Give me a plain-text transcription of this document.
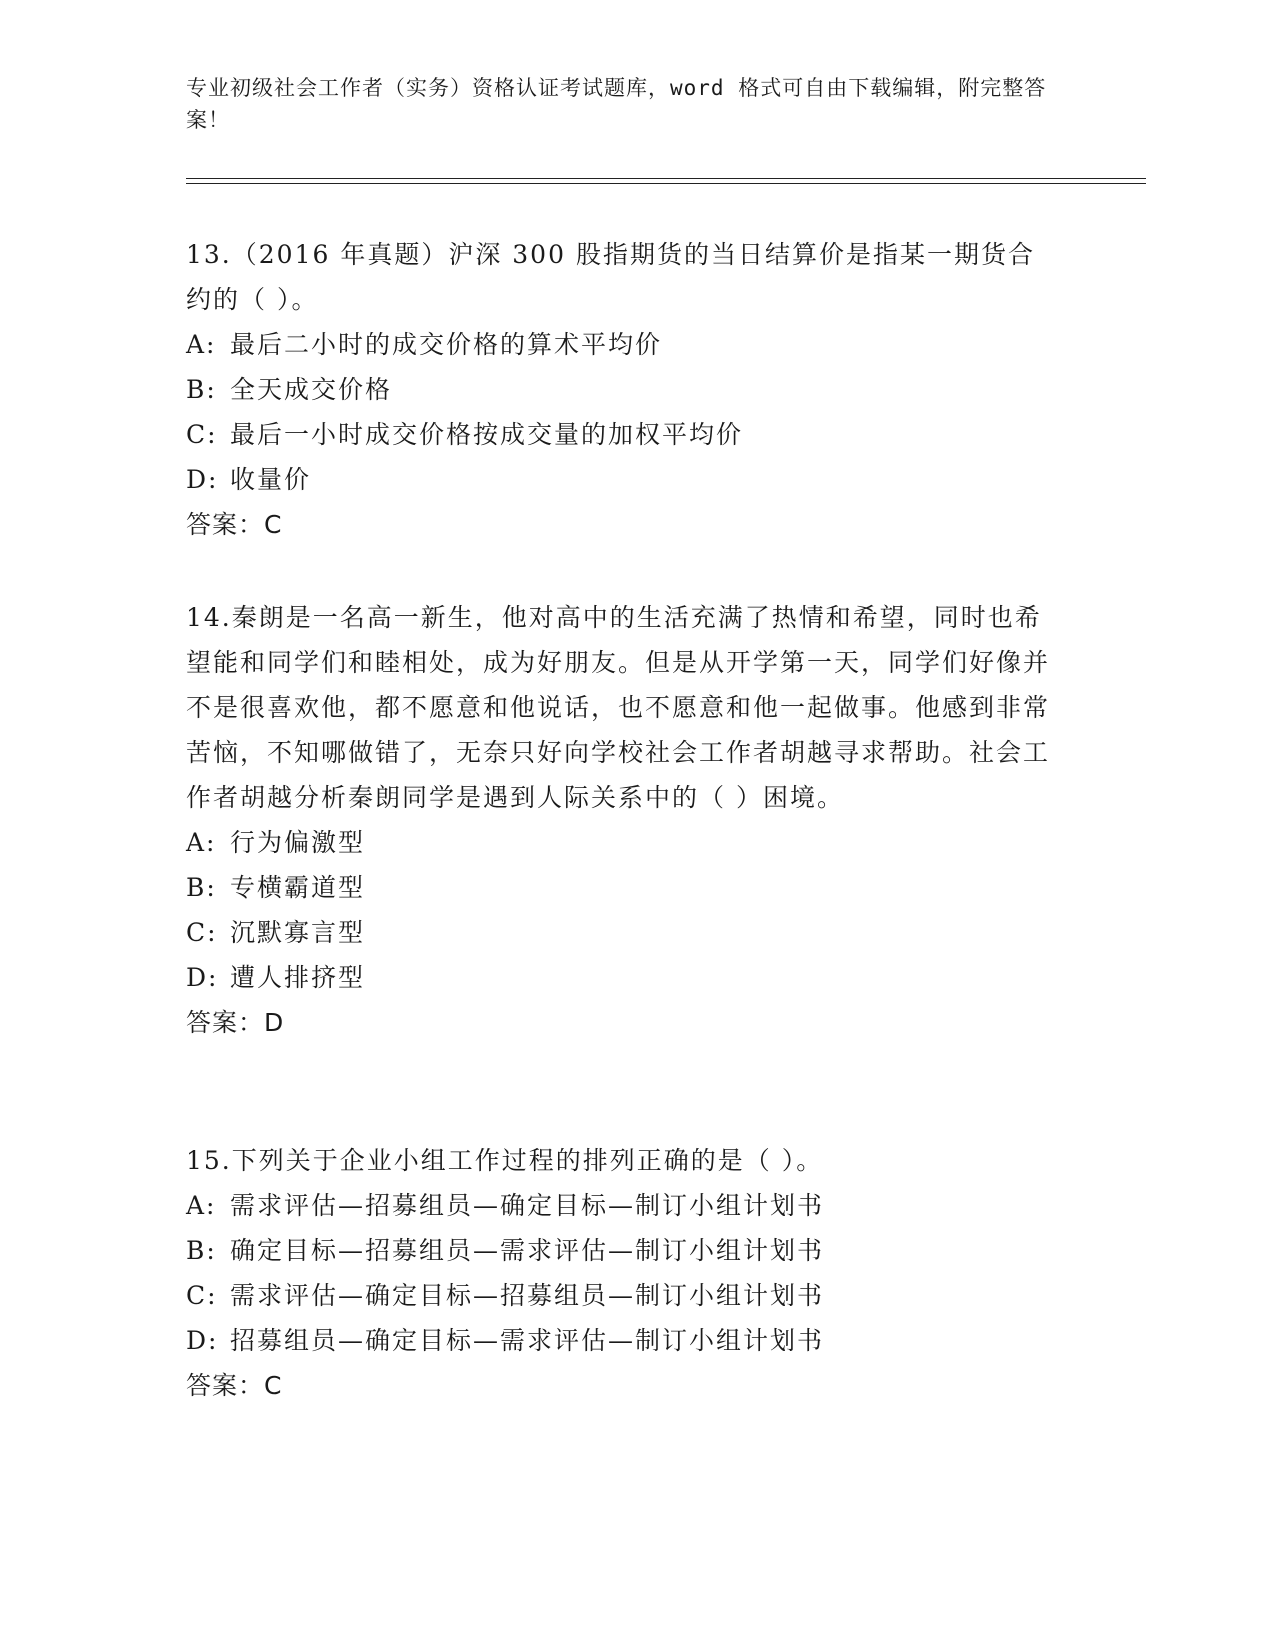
专业初级社会工作者（实务）资格认证考试题库，word 格式可自由下载编辑，附完整答案！

13.（2016 年真题）沪深 300 股指期货的当日结算价是指某一期货合约的（ ）。

A: 最后二小时的成交价格的算术平均价

B: 全天成交价格

C: 最后一小时成交价格按成交量的加权平均价

D: 收量价

答案：C

14.秦朗是一名高一新生，他对高中的生活充满了热情和希望，同时也希望能和同学们和睦相处，成为好朋友。但是从开学第一天，同学们好像并不是很喜欢他，都不愿意和他说话，也不愿意和他一起做事。他感到非常苦恼，不知哪做错了，无奈只好向学校社会工作者胡越寻求帮助。社会工作者胡越分析秦朗同学是遇到人际关系中的（ ）困境。

A: 行为偏激型

B: 专横霸道型

C: 沉默寡言型

D: 遭人排挤型

答案：D

15.下列关于企业小组工作过程的排列正确的是（ ）。

A: 需求评估—招募组员—确定目标—制订小组计划书

B: 确定目标—招募组员—需求评估—制订小组计划书

C: 需求评估—确定目标—招募组员—制订小组计划书

D: 招募组员—确定目标—需求评估—制订小组计划书

答案：C
